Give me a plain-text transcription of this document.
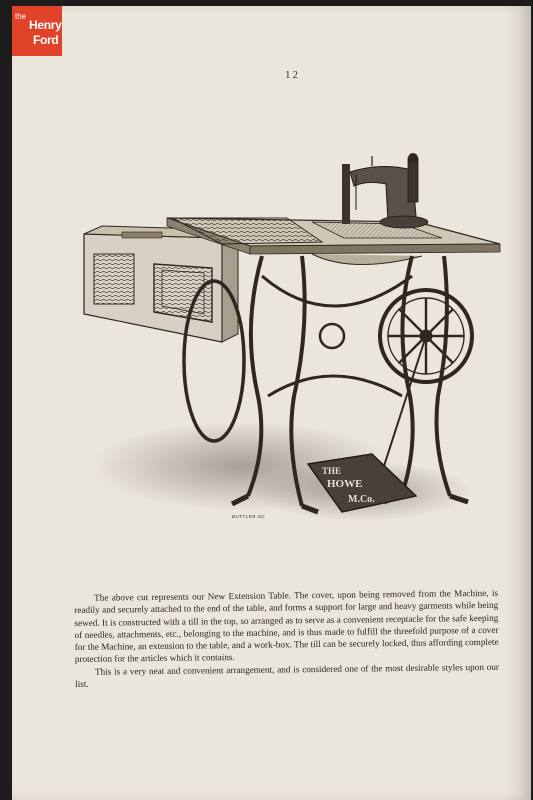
the
Henry
Ford
12
THE
HOWE
M.Co.
BUTTLER.SC

The above cut represents our New Extension Table. The cover, upon being removed from the Machine, is readily and securely attached to the end of the table, and forms a support for large and heavy garments while being sewed. It is constructed with a till in the top, so arranged as to serve as a convenient receptacle for the safe keeping of needles, attachments, etc., belonging to the machine, and is thus made to fulfill the threefold purpose of a cover for the Machine, an extension to the table, and a work-box. The till can be securely locked, thus affording complete protection for the articles which it contains.

This is a very neat and convenient arrangement, and is considered one of the most desirable styles upon our list.
